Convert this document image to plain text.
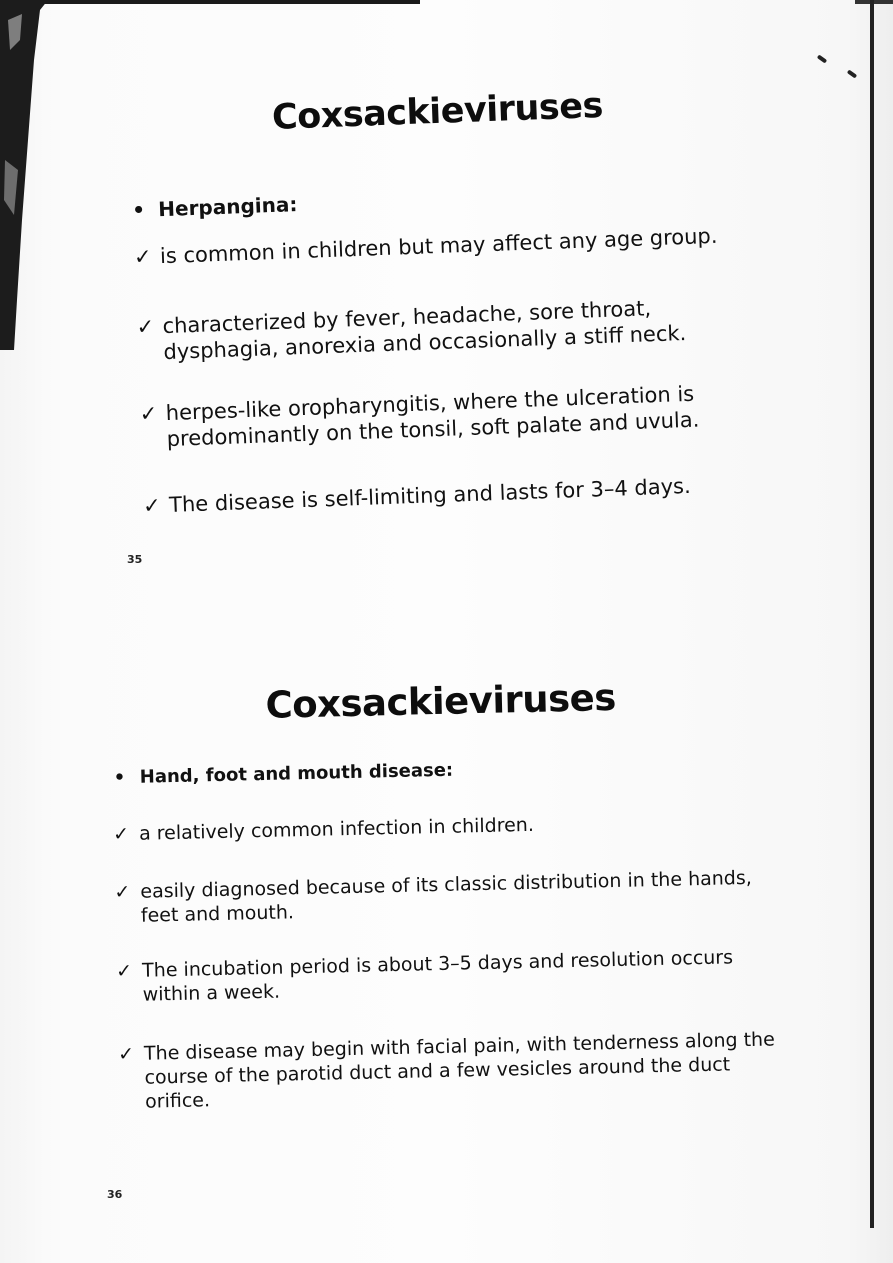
Coxsackieviruses
• Herpangina:
✓ is common in children but may affect any age group.
✓ characterized by fever, headache, sore throat, dysphagia, anorexia and occasionally a stiff neck.
✓ herpes-like oropharyngitis, where the ulceration is predominantly on the tonsil, soft palate and uvula.
✓ The disease is self-limiting and lasts for 3–4 days.
35
Coxsackieviruses
• Hand, foot and mouth disease:
✓ a relatively common infection in children.
✓ easily diagnosed because of its classic distribution in the hands, feet and mouth.
✓ The incubation period is about 3–5 days and resolution occurs within a week.
✓ The disease may begin with facial pain, with tenderness along the course of the parotid duct and a few vesicles around the duct orifice.
36
